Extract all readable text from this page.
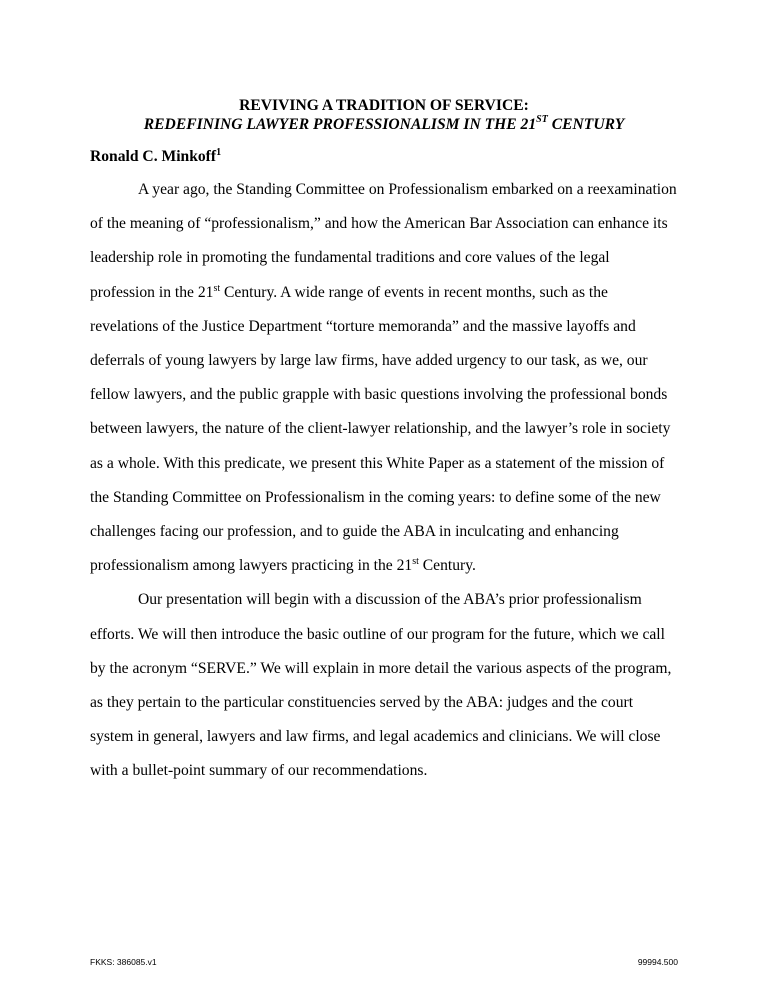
REVIVING A TRADITION OF SERVICE:
REDEFINING LAWYER PROFESSIONALISM IN THE 21ST CENTURY
Ronald C. Minkoff$^1$

A year ago, the Standing Committee on Professionalism embarked on a reexamination of the meaning of “professionalism,” and how the American Bar Association can enhance its leadership role in promoting the fundamental traditions and core values of the legal profession in the 21st Century. A wide range of events in recent months, such as the revelations of the Justice Department “torture memoranda” and the massive layoffs and deferrals of young lawyers by large law firms, have added urgency to our task, as we, our fellow lawyers, and the public grapple with basic questions involving the professional bonds between lawyers, the nature of the client-lawyer relationship, and the lawyer’s role in society as a whole. With this predicate, we present this White Paper as a statement of the mission of the Standing Committee on Professionalism in the coming years: to define some of the new challenges facing our profession, and to guide the ABA in inculcating and enhancing professionalism among lawyers practicing in the 21st Century.

Our presentation will begin with a discussion of the ABA’s prior professionalism efforts. We will then introduce the basic outline of our program for the future, which we call by the acronym “SERVE.” We will explain in more detail the various aspects of the program, as they pertain to the particular constituencies served by the ABA: judges and the court system in general, lawyers and law firms, and legal academics and clinicians. We will close with a bullet-point summary of our recommendations.

FKKS: 386085.v1	99994.500
